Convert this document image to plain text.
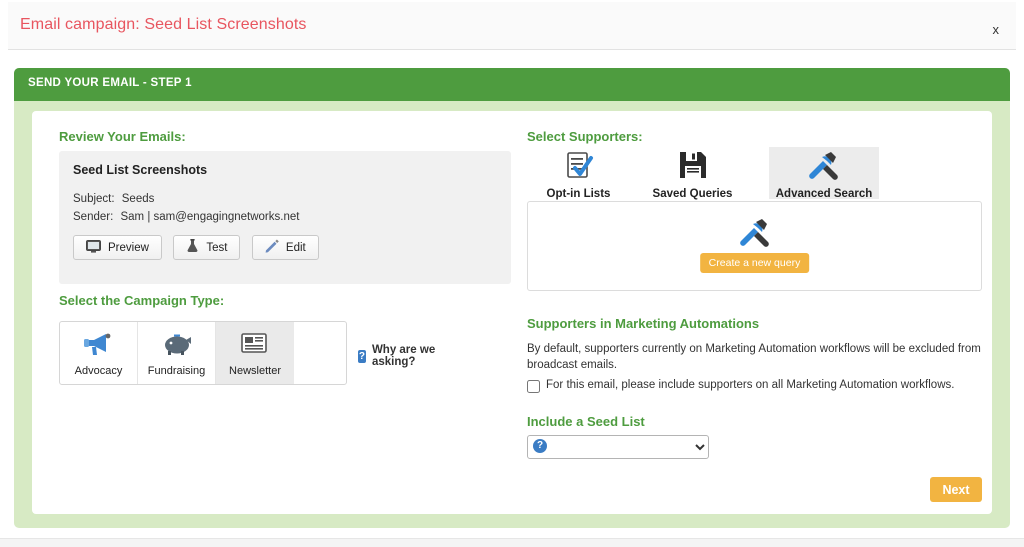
Email campaign: Seed List Screenshots	x
SEND YOUR EMAIL - STEP 1
Review Your Emails:
Seed List Screenshots
Subject: Seeds
Sender: Sam | sam@engagingnetworks.net
Preview
	Test
	Edit
Select the Campaign Type:
Advocacy Fundraising Newsletter
? Why are we asking?
Select Supporters:
Opt-in Lists	Saved Queries	Advanced Search
Create a new query
Supporters in Marketing Automations
By default, supporters currently on Marketing Automation workflows will be excluded from broadcast emails.
For this email, please include supporters on all Marketing Automation workflows.
Include a Seed List
?
Next
